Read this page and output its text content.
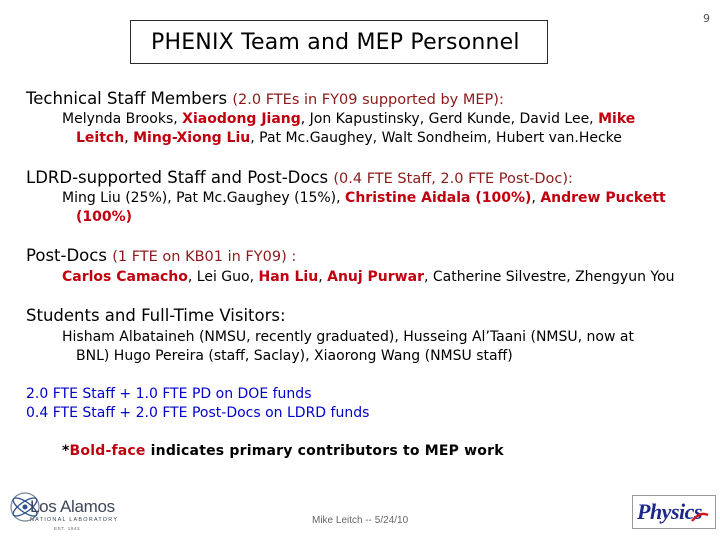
9
PHENIX Team and MEP Personnel
Technical Staff Members (2.0 FTEs in FY09 supported by MEP):
Melynda Brooks, Xiaodong Jiang, Jon Kapustinsky, Gerd Kunde, David Lee, Mike
Leitch, Ming-Xiong Liu, Pat Mc.Gaughey, Walt Sondheim, Hubert van.Hecke
LDRD-supported Staff and Post-Docs (0.4 FTE Staff, 2.0 FTE Post-Doc):
Ming Liu (25%), Pat Mc.Gaughey (15%), Christine Aidala (100%), Andrew Puckett
(100%)
Post-Docs (1 FTE on KB01 in FY09) :
Carlos Camacho, Lei Guo, Han Liu, Anuj Purwar, Catherine Silvestre, Zhengyun You
Students and Full-Time Visitors:
Hisham Albataineh (NMSU, recently graduated), Husseing Al’Taani (NMSU, now at
BNL) Hugo Pereira (staff, Saclay), Xiaorong Wang (NMSU staff)
2.0 FTE Staff + 1.0 FTE PD on DOE funds
0.4 FTE Staff + 2.0 FTE Post-Docs on LDRD funds
*Bold-face indicates primary contributors to MEP work
Los Alamos
NATIONAL LABORATORY
EST. 1943
Mike Leitch -- 5/24/10	Physics
